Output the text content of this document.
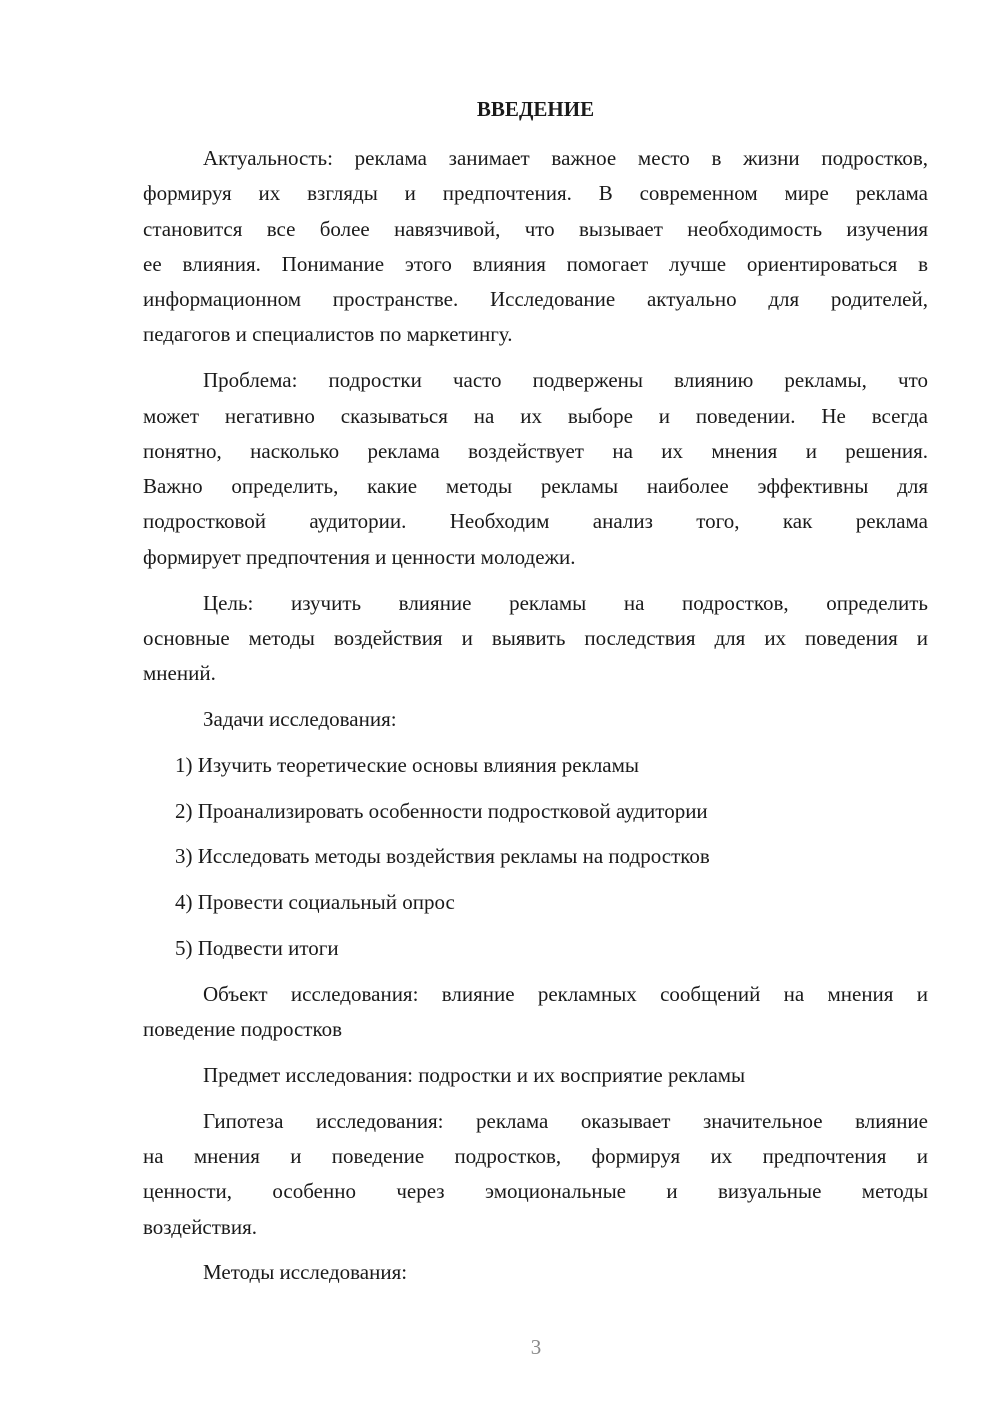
ВВЕДЕНИЕ
Актуальность: реклама занимает важное место в жизни подростков,
формируя их взгляды и предпочтения. В современном мире реклама
становится все более навязчивой, что вызывает необходимость изучения
ее влияния. Понимание этого влияния помогает лучше ориентироваться в
информационном пространстве. Исследование актуально для родителей,
педагогов и специалистов по маркетингу.
Проблема: подростки часто подвержены влиянию рекламы, что
может негативно сказываться на их выборе и поведении. Не всегда
понятно, насколько реклама воздействует на их мнения и решения.
Важно определить, какие методы рекламы наиболее эффективны для
подростковой аудитории. Необходим анализ того, как реклама
формирует предпочтения и ценности молодежи.
Цель: изучить влияние рекламы на подростков, определить
основные методы воздействия и выявить последствия для их поведения и
мнений.
Задачи исследования:
1) Изучить теоретические основы влияния рекламы
2) Проанализировать особенности подростковой аудитории
3) Исследовать методы воздействия рекламы на подростков
4) Провести социальный опрос
5) Подвести итоги
Объект исследования: влияние рекламных сообщений на мнения и
поведение подростков
Предмет исследования: подростки и их восприятие рекламы
Гипотеза исследования: реклама оказывает значительное влияние
на мнения и поведение подростков, формируя их предпочтения и
ценности, особенно через эмоциональные и визуальные методы
воздействия.
Методы исследования:
3
